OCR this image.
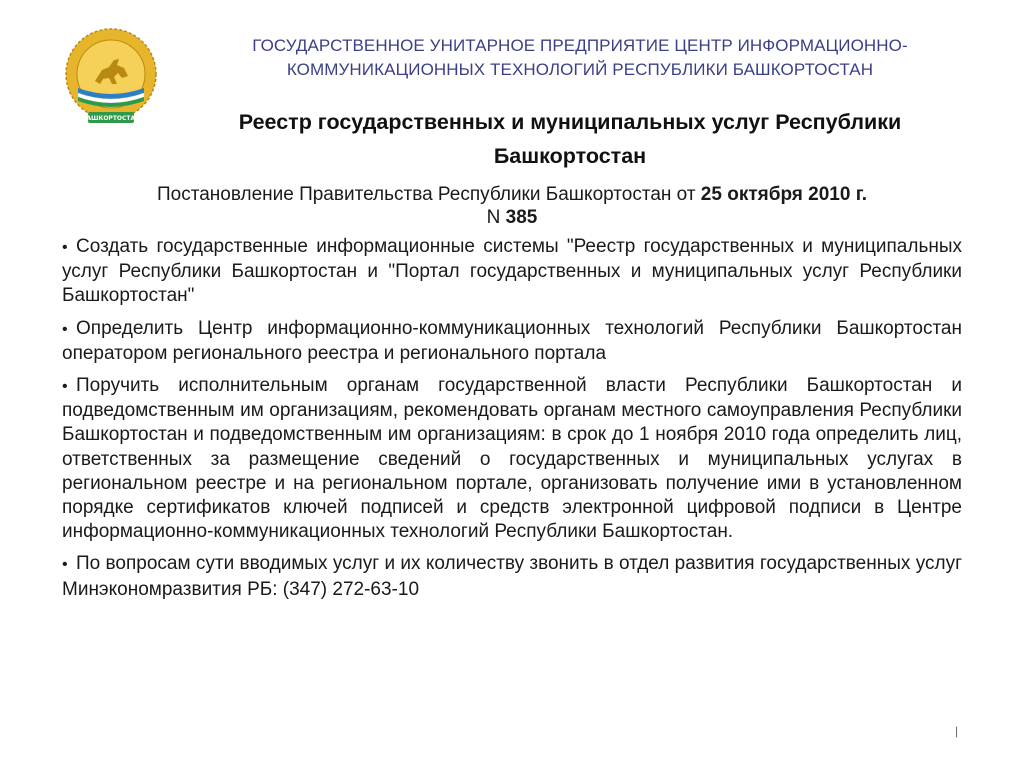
БАШКОРТОСТАН
ГОСУДАРСТВЕННОЕ УНИТАРНОЕ ПРЕДПРИЯТИЕ ЦЕНТР ИНФОРМАЦИОННО-
КОММУНИКАЦИОННЫХ ТЕХНОЛОГИЙ РЕСПУБЛИКИ БАШКОРТОСТАН
Реестр государственных и муниципальных услуг Республики
Башкортостан
Постановление Правительства Республики Башкортостан от 25 октября 2010 г.
N 385
• Создать государственные информационные системы "Реестр государственных и муниципальных услуг Республики Башкортостан и "Портал государственных и муниципальных услуг Республики Башкортостан"
• Определить Центр информационно-коммуникационных технологий Республики Башкортостан оператором регионального реестра и регионального портала
• Поручить исполнительным органам государственной власти Республики Башкортостан и подведомственным им организациям, рекомендовать органам местного самоуправления Республики Башкортостан и подведомственным им организациям: в срок до 1 ноября 2010 года определить лиц, ответственных за размещение сведений о государственных и муниципальных услугах в региональном реестре и на региональном портале, организовать получение ими в установленном порядке сертификатов ключей подписей и средств электронной цифровой подписи в Центре информационно-коммуникационных технологий Республики Башкортостан.
• По вопросам сути вводимых услуг и их количеству звонить в отдел развития государственных услуг Минэкономразвития РБ: (347) 272-63-10
|
